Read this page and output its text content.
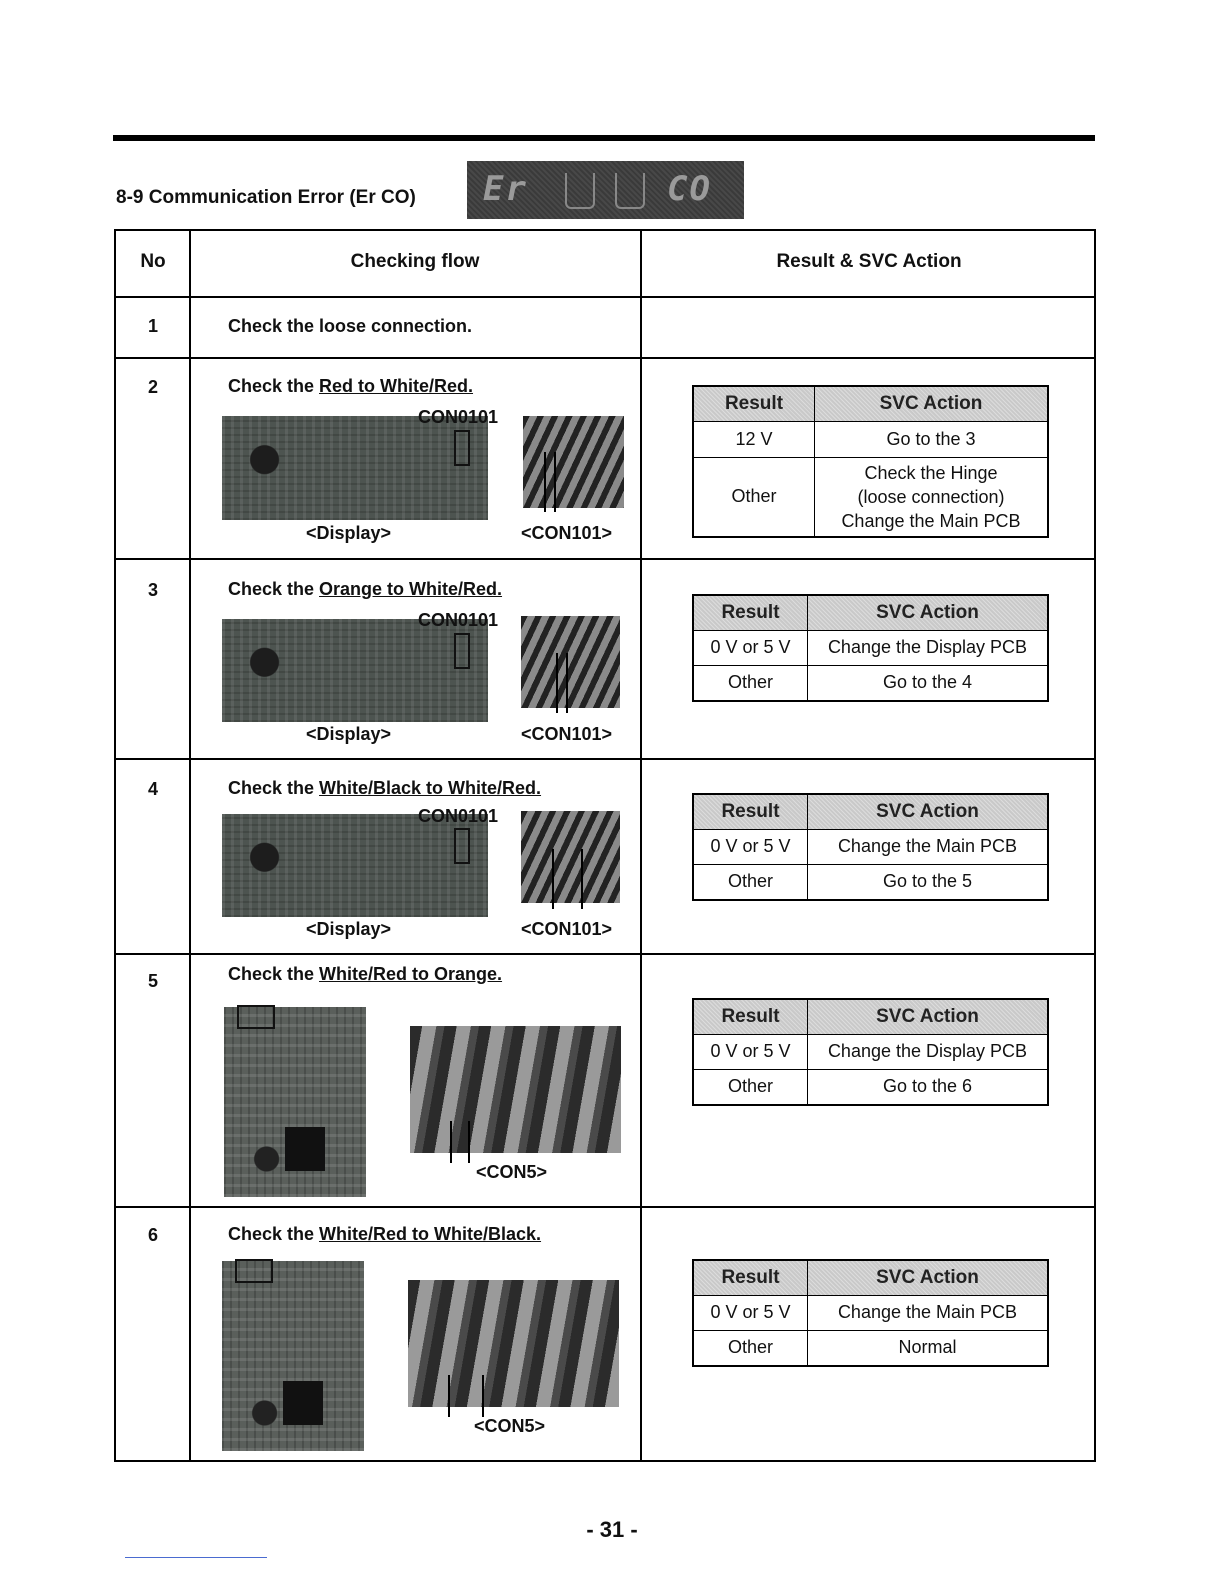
8-9 Communication Error (Er CO) Er	CO
No	Checking flow	Result & SVC Action
1	Check the loose connection.
2	Check the Red to White/Red.
CON0101
<Display>	<CON101>
Result	SVC Action
12 V	Go to the 3
Other	Check the Hinge
(loose connection)
Change the Main PCB
3	Check the Orange to White/Red.
CON0101
<Display>	<CON101>
Result	SVC Action
0 V or 5 V	Change the Display PCB
Other	Go to the 4
4	Check the White/Black to White/Red.
CON0101
<Display>	<CON101>
Result	SVC Action
0 V or 5 V	Change the Main PCB
Other	Go to the 5
5	Check the White/Red to Orange.
<CON5>
Result	SVC Action
0 V or 5 V	Change the Display PCB
Other	Go to the 6
6	Check the White/Red to White/Black.
<CON5>
Result	SVC Action
0 V or 5 V	Change the Main PCB
Other	Normal
- 31 -
